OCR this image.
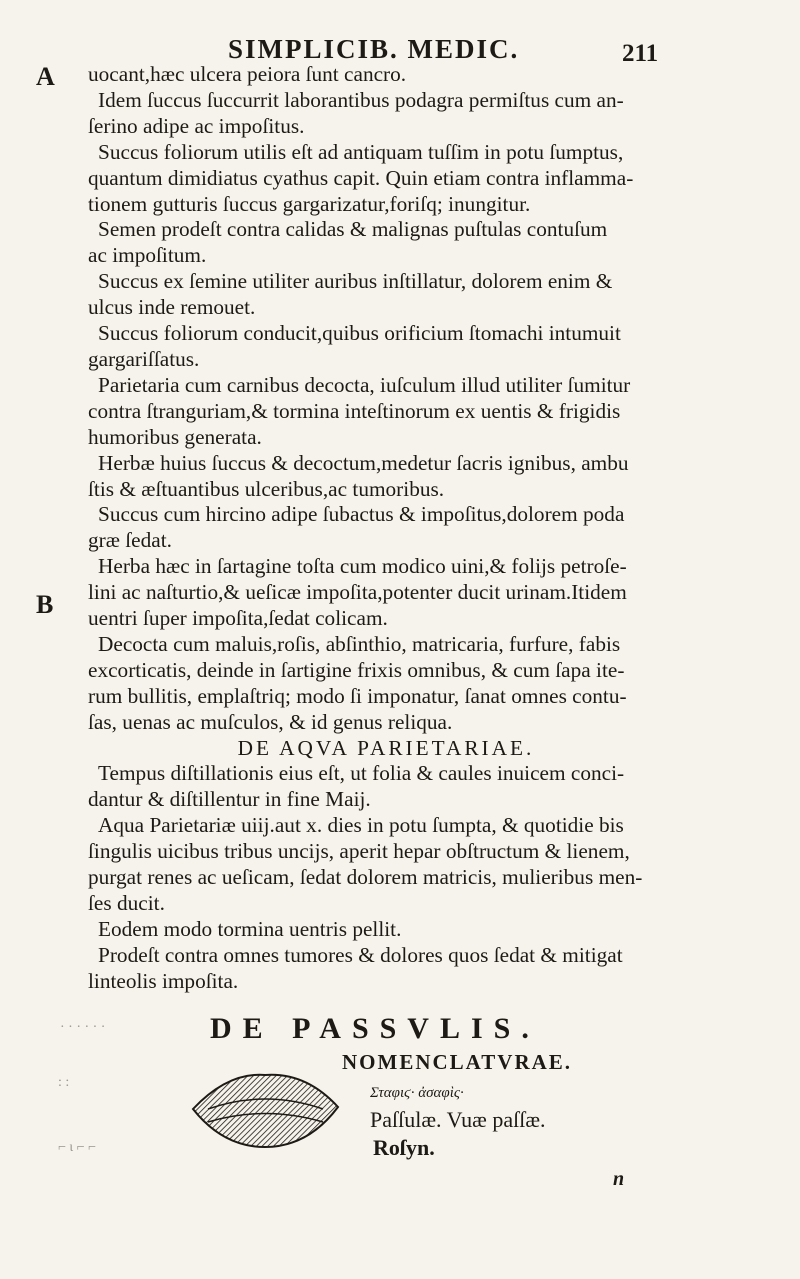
SIMPLICIB. MEDIC.	211
A
B
uocant,hæc ulcera peiora ſunt cancro.
Idem ſuccus ſuccurrit laborantibus podagra permiſtus cum an-
ſerino adipe ac impoſitus.
Succus foliorum utilis eſt ad antiquam tuſſim in potu ſumptus,
quantum dimidiatus cyathus capit. Quin etiam contra inflamma-
tionem gutturis ſuccus gargarizatur,foriſq; inungitur.
Semen prodeſt contra calidas & malignas puſtulas contuſum
ac impoſitum.
Succus ex ſemine utiliter auribus inſtillatur, dolorem enim &
ulcus inde remouet.
Succus foliorum conducit,quibus orificium ſtomachi intumuit
gargariſſatus.
Parietaria cum carnibus decocta, iuſculum illud utiliter ſumitur
contra ſtranguriam,& tormina inteſtinorum ex uentis & frigidis
humoribus generata.
Herbæ huius ſuccus & decoctum,medetur ſacris ignibus, ambu
ſtis & æſtuantibus ulceribus,ac tumoribus.
Succus cum hircino adipe ſubactus & impoſitus,dolorem poda
græ ſedat.
Herba hæc in ſartagine toſta cum modico uini,& folijs petroſe-
lini ac naſturtio,& ueſicæ impoſita,potenter ducit urinam.Itidem
uentri ſuper impoſita,ſedat colicam.
Decocta cum maluis,roſis, abſinthio, matricaria, furfure, fabis
excorticatis, deinde in ſartigine frixis omnibus, & cum ſapa ite-
rum bullitis, emplaſtriq; modo ſi imponatur, ſanat omnes contu-
ſas, uenas ac muſculos, & id genus reliqua.
DE AQVA PARIETARIAE.
Tempus diſtillationis eius eſt, ut folia & caules inuicem conci-
dantur & diſtillentur in fine Maij.
Aqua Parietariæ uiij.aut x. dies in potu ſumpta, & quotidie bis
ſingulis uicibus tribus uncijs, aperit hepar obſtructum & lienem,
purgat renes ac ueſicam, ſedat dolorem matricis, mulieribus men-
ſes ducit.
Eodem modo tormina uentris pellit.
Prodeſt contra omnes tumores & dolores quos ſedat & mitigat
linteolis impoſita.
· · · · · ·	DE PASSVLIS.
NOMENCLATVRAE.
Σταφιϛ· ἀσαφὶς·
Paſſulæ. Vuæ paſſæ.
Roſyn.
: :
⌐ ι ⌐ ⌐
n
